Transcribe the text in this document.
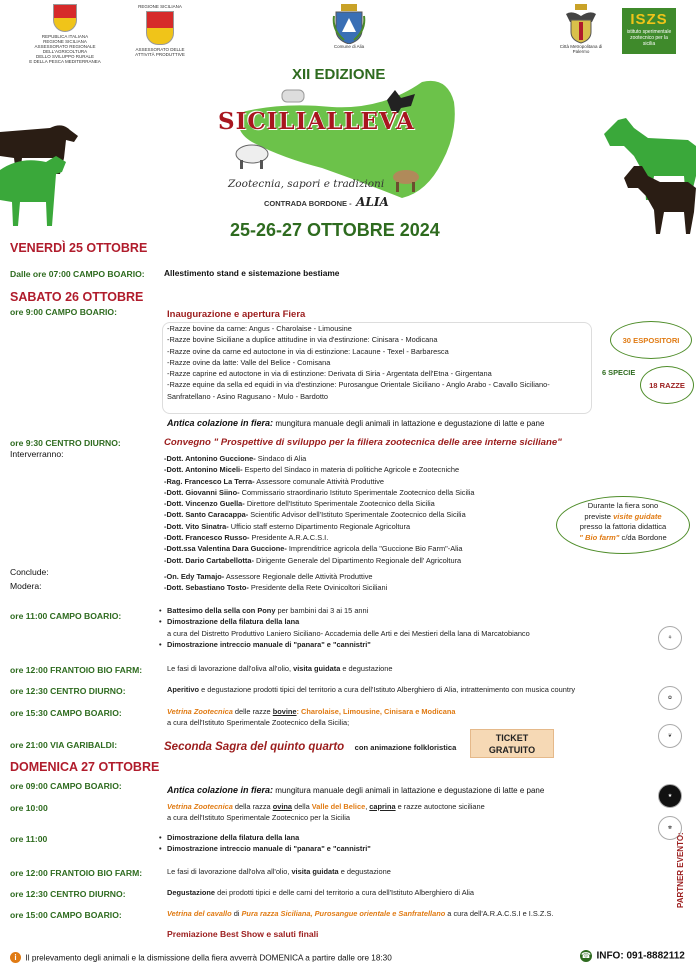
REPUBLICA ITALIANA
REGIONE SICILIANA
ASSESSORATO REGIONALE
DELL'AGRICOLTURA
DELLO SVILUPPO RURALE
E DELLA PESCA MEDITERRANEA
REGIONE SICILIANA
ASSESSORATO DELLE
ATTIVITÀ PRODUTTIVE
Comune di Alia	Città Metropolitana di Palermo
ISZS
istituto sperimentale zootecnico per la sicilia
XII EDIZIONE
SICILIALLEVA
Zootecnia, sapori e tradizioni
CONTRADA BORDONE - ALIA
25-26-27 OTTOBRE 2024
VENERDÌ 25 OTTOBRE
Dalle ore 07:00 CAMPO BOARIO: Allestimento stand e sistemazione bestiame
SABATO 26 OTTOBRE
ore 9:00 CAMPO BOARIO:	Inaugurazione e apertura Fiera
-Razze bovine da carne: Angus - Charolaise - Limousine
-Razze bovine Siciliane a duplice attitudine in via d'estinzione: Cinisara - Modicana
-Razze ovine da carne ed autoctone in via di estinzione: Lacaune - Texel - Barbaresca
-Razze ovine da latte: Valle del Belice - Comisana
-Razze caprine ed autoctone in via di estinzione: Derivata di Siria - Argentata dell'Etna - Girgentana
-Razze equine da sella ed equidi in via d'estinzione: Purosangue Orientale Siciliano - Anglo Arabo - Cavallo Siciliano-
Sanfratellano - Asino Ragusano - Mulo - Bardotto
30 ESPOSITORI
6 SPECIE
18 RAZZE
Antica colazione in fiera: mungitura manuale degli animali in lattazione e degustazione di latte e pane
ore 9:30 CENTRO DIURNO:
Interverranno:
Convegno " Prospettive di sviluppo per la filiera zootecnica delle aree interne siciliane"
-Dott. Antonino Guccione- Sindaco di Alia
-Dott. Antonino Miceli- Esperto del Sindaco in materia di politiche Agricole e Zootecniche
-Rag. Francesco La Terra- Assessore comunale Attività Produttive
-Dott. Giovanni Siino- Commissario straordinario Istituto Sperimentale Zootecnico della Sicilia
-Dott. Vincenzo Guella- Direttore dell'Istituto Sperimentale Zootecnico della Sicilia
-Dott. Santo Caracappa- Scientific Advisor dell'Istituto Sperimentale Zootecnico della Sicilia
-Dott. Vito Sinatra- Ufficio staff esterno Dipartimento Regionale Agricoltura
-Dott. Francesco Russo- Presidente A.R.A.C.S.I.
-Dott.ssa Valentina Dara Guccione- Imprenditrice agricola della "Guccione Bio Farm"-Alia
-Dott. Dario Cartabellotta- Dirigente Generale del Dipartimento Regionale dell' Agricoltura
Conclude:	-On. Edy Tamajo- Assessore Regionale delle Attività Produttive
Modera:	-Dott. Sebastiano Tosto- Presidente della Rete Ovinicoltori Siciliani
Durante la fiera sono
previste visite guidate
presso la fattoria didattica
" Bio farm" c/da Bordone
ore 11:00 CAMPO BOARIO:
• Battesimo della sella con Pony per bambini dai 3 ai 15 anni
• Dimostrazione della filatura della lana
a cura del Distretto Produttivo Laniero Siciliano- Accademia delle Arti e dei Mestieri della lana di Marcatobianco
• Dimostrazione intreccio manuale di "panara" e "cannistri"
ore 12:00 FRANTOIO BIO FARM:	Le fasi di lavorazione dall'oliva all'olio, visita guidata e degustazione
ore 12:30 CENTRO DIURNO:	Aperitivo e degustazione prodotti tipici del territorio a cura dell'Istituto Alberghiero di Alia, intrattenimento con musica country
ore 15:30 CAMPO BOARIO:	Vetrina Zootecnica delle razze bovine: Charolaise, Limousine, Cinisara e Modicana
a cura dell'Istituto Sperimentale Zootecnico della Sicilia;
ore 21:00 VIA GARIBALDI:	Seconda Sagra del quinto quarto con animazione folkloristica
TICKET
GRATUITO
DOMENICA 27 OTTOBRE
ore 09:00 CAMPO BOARIO:	Antica colazione in fiera: mungitura manuale degli animali in lattazione e degustazione di latte e pane
ore 10:00	Vetrina Zootecnica della razza ovina della Valle del Belice, caprina e razze autoctone siciliane
a cura dell'Istituto Sperimentale Zootecnico per la Sicilia
ore 11:00
•	Dimostrazione della filatura della lana
• Dimostrazione intreccio manuale di "panara" e "cannistri"
ore 12:00 FRANTOIO BIO FARM:	Le fasi di lavorazione dall'olva all'olio, visita guidata e degustazione
ore 12:30 CENTRO DIURNO:	Degustazione dei prodotti tipici e delle carni del territorio a cura dell'Istituto Alberghiero di Alia
ore 15:00 CAMPO BOARIO:	Vetrina del cavallo di Pura razza Siciliana, Purosangue orientale e Sanfratellano a cura dell'A.R.A.C.S.I e I.S.Z.S.
Premiazione Best Show e saluti finali
⚘
✿
❦
★
✾
PARTNER EVENTO:
i Il prelevamento degli animali e la dismissione della fiera avverrà DOMENICA a partire dalle ore 18:30	☎ INFO: 091-8882112
